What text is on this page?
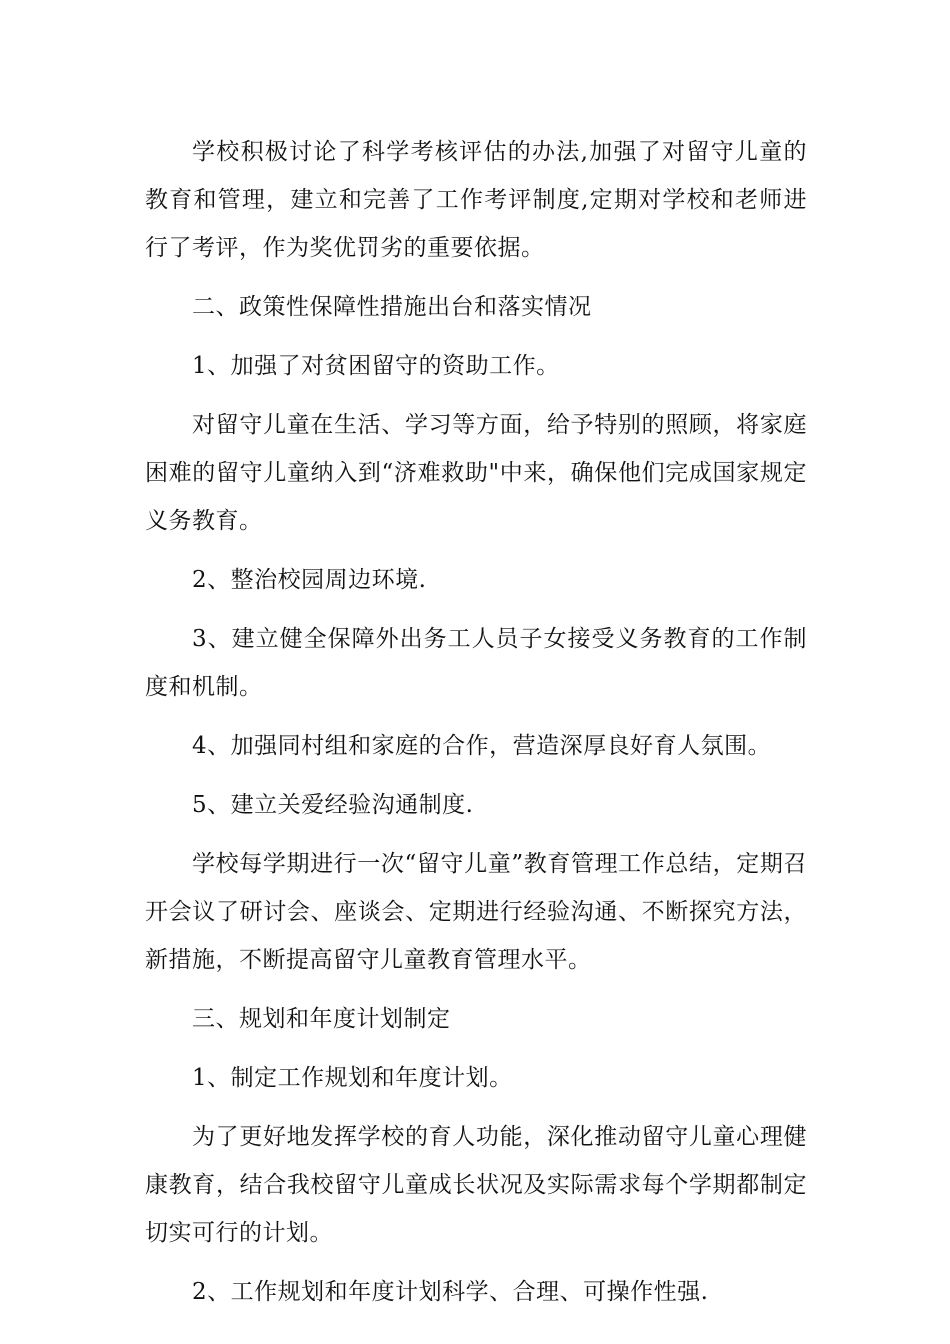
学校积极讨论了科学考核评估的办法,加强了对留守儿童的教育和管理，建立和完善了工作考评制度,定期对学校和老师进行了考评，作为奖优罚劣的重要依据。

二、政策性保障性措施出台和落实情况

1、加强了对贫困留守的资助工作。

对留守儿童在生活、学习等方面，给予特别的照顾，将家庭困难的留守儿童纳入到“济难救助"中来，确保他们完成国家规定义务教育。

2、整治校园周边环境.

3、建立健全保障外出务工人员子女接受义务教育的工作制度和机制。

4、加强同村组和家庭的合作，营造深厚良好育人氛围。

5、建立关爱经验沟通制度.

学校每学期进行一次“留守儿童”教育管理工作总结，定期召开会议了研讨会、座谈会、定期进行经验沟通、不断探究方法，新措施，不断提高留守儿童教育管理水平。

三、规划和年度计划制定

1、制定工作规划和年度计划。

为了更好地发挥学校的育人功能，深化推动留守儿童心理健康教育，结合我校留守儿童成长状况及实际需求每个学期都制定切实可行的计划。

2、工作规划和年度计划科学、合理、可操作性强.
